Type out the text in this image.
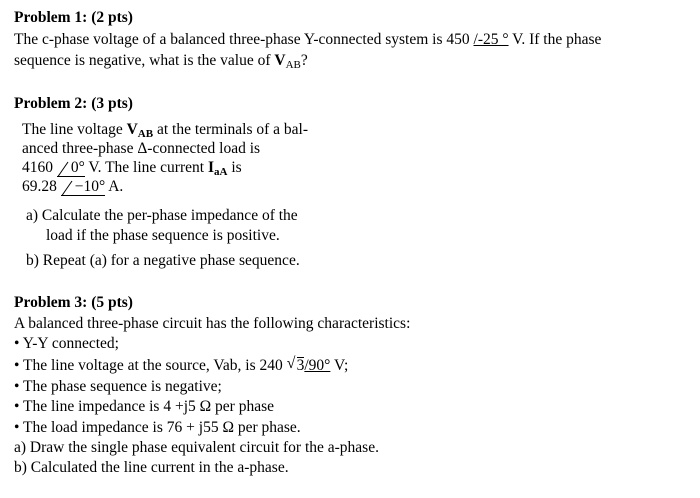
Problem 1: (2 pts)
The c-phase voltage of a balanced three-phase Y-connected system is 450 /-25 ° V. If the phase
sequence is negative, what is the value of $V_{AB}$?
Problem 2: (3 pts)
The line voltage $V_{AB}$ at the terminals of a bal-
anced three-phase Δ-connected load is
4160
0° V. The line current $I_{aA}$ is
69.28
−10° A.
a) Calculate the per-phase impedance of the
load if the phase sequence is positive.
b) Repeat (a) for a negative phase sequence.
Problem 3: (5 pts)
A balanced three-phase circuit has the following characteristics:
• Y-Y connected;
• The line voltage at the source, Vab, is 240 √ 3/90° V;
• The phase sequence is negative;
• The line impedance is 4 +j5 Ω per phase
• The load impedance is 76 + j55 Ω per phase.
a) Draw the single phase equivalent circuit for the a-phase.
b) Calculated the line current in the a-phase.
